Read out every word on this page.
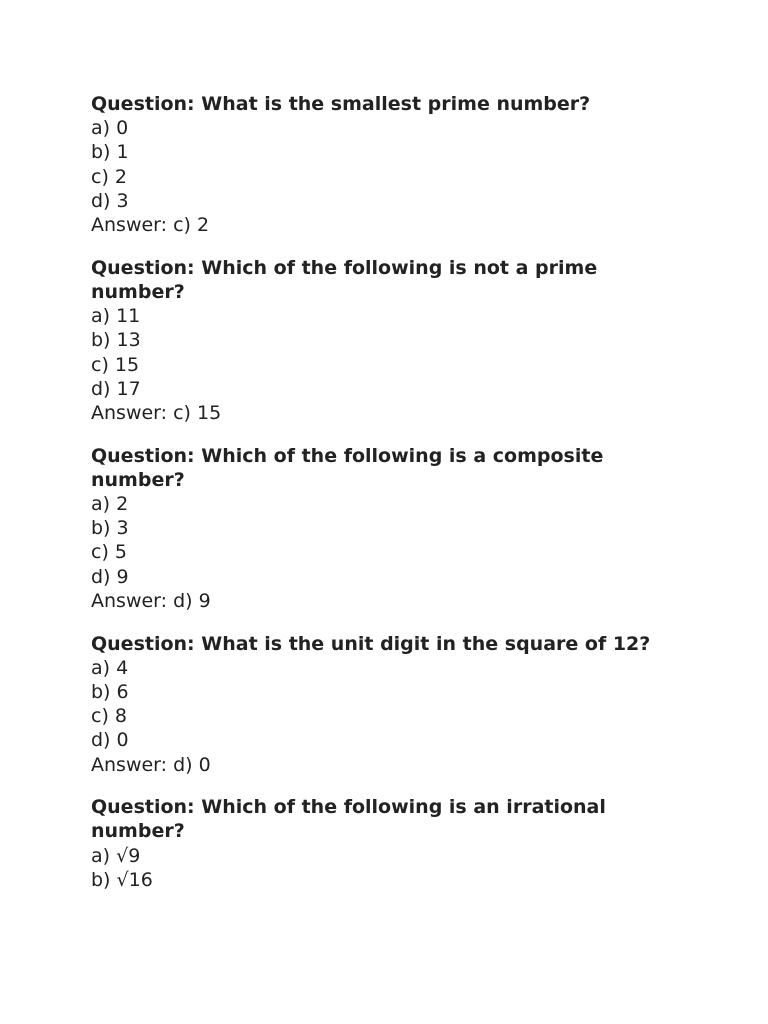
Question: What is the smallest prime number?

a) 0

b) 1

c) 2

d) 3

Answer: c) 2

Question: Which of the following is not a prime number?

a) 11

b) 13

c) 15

d) 17

Answer: c) 15

Question: Which of the following is a composite number?

a) 2

b) 3

c) 5

d) 9

Answer: d) 9

Question: What is the unit digit in the square of 12?

a) 4

b) 6

c) 8

d) 0

Answer: d) 0

Question: Which of the following is an irrational number?

a) √9

b) √16
